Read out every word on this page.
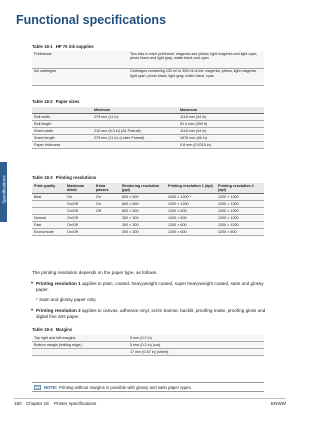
Specifications
Functional specifications
Table 18-1 HP 70 ink supplies
Printheads	Two inks in each printhead: magenta and yellow, light magenta and light cyan, photo black and light gray, matte black and cyan
Ink cartridges	Cartridges containing 130 ml or 300 ml of ink: magenta, yellow, light magenta, light cyan, photo black, light gray, matte black, cyan
Table 18-2 Paper sizes
	Minimum	Maximum
Roll width	279 mm (11 in)	1118 mm (44 in)
Roll length		91.4 mm (300 ft)
Sheet width	210 mm (8.3 in) (A4 Portrait)	1118 mm (44 in)
Sheet length	279 mm (11 in) (Letter Portrait)	1676 mm (66 in)
Paper thickness		0.8 mm (0.0315 in)
Table 18-3 Printing resolutions
Print quality	Maximum detail	Extra passes	Rendering resolution (ppi)	Printing resolution 1 (dpi)	Printing resolution 2 (dpi)
Best	On	On	600 × 600	2400 × 1200 *	1200 × 1200
	On/Off	On	600 × 600	1200 × 1200	1200 × 1200
	On/Off	Off	600 × 600	1200 × 600	1200 × 1200
Normal	On/Off		300 × 300	1200 × 600	1200 × 1200
Fast	On/Off		300 × 300	1200 × 600	1200 × 1200
Economode	On/Off		300 × 300	1200 × 600	1200 × 600
The printing resolution depends on the paper type, as follows.
• Printing resolution 1 applies to plain, coated, heavyweight coated, super heavyweight coated, satin and glossy paper.
* Satin and glossy paper only.
• Printing resolution 2 applies to canvas, adhesive vinyl, scrim banner, backlit, proofing matte, proofing gloss and digital fine arts paper.
Table 18-4 Margins
Top right and left margins	5 mm (0.2 in)
Bottom margin (trailing edge)	5 mm (0.2 in) (cut)
	17 mm (0.67 in) (sheet)
NOTE: Printing without margins is possible with glossy and satin paper types.
180 Chapter 18 Printer specifications	ENWW
